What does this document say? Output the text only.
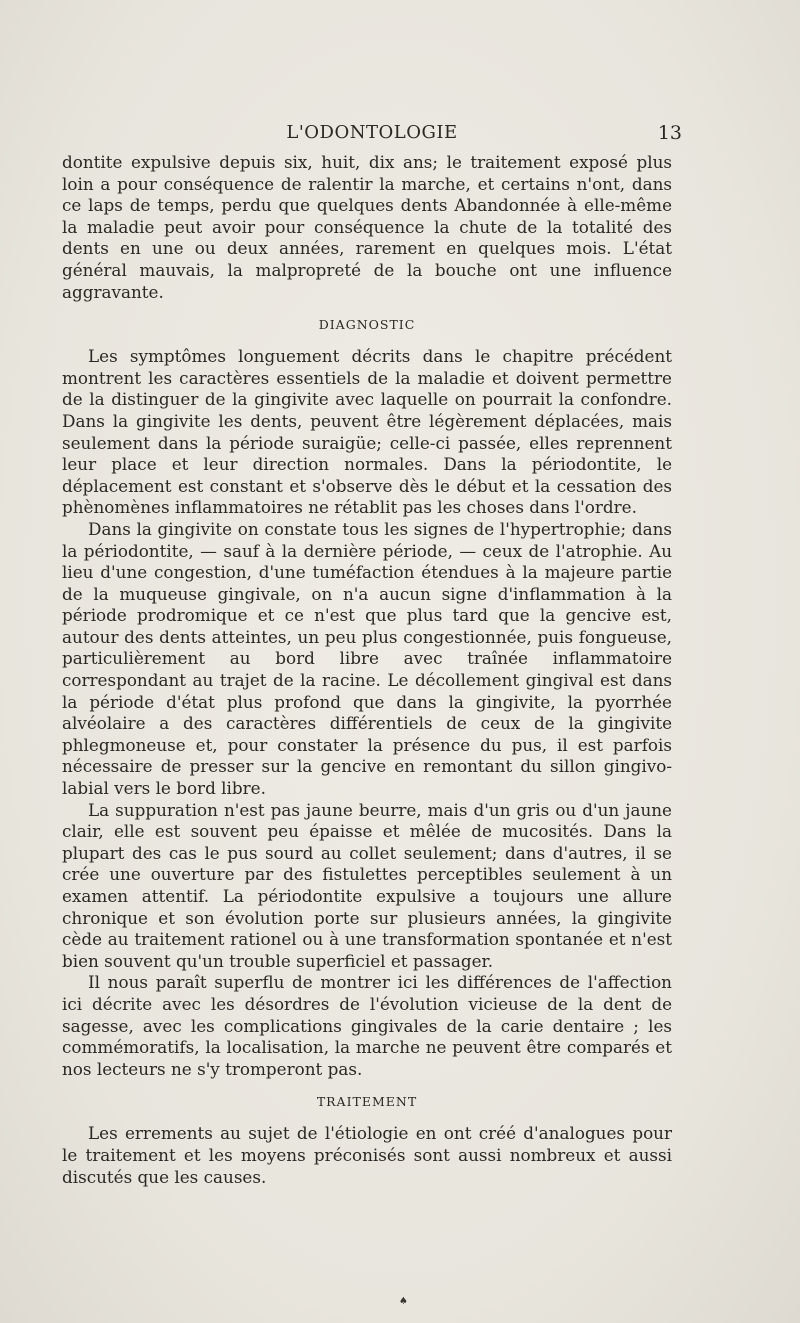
L'ODONTOLOGIE	13

dontite expulsive depuis six, huit, dix ans; le traitement exposé plus loin a pour conséquence de ralentir la marche, et certains n'ont, dans ce laps de temps, perdu que quelques dents Abandonnée à elle-même la maladie peut avoir pour conséquence la chute de la totalité des dents en une ou deux années, rarement en quelques mois. L'état général mauvais, la malpropreté de la bouche ont une influence aggravante.

DIAGNOSTIC

Les symptômes longuement décrits dans le chapitre précédent montrent les caractères essentiels de la maladie et doivent permettre de la distinguer de la gingivite avec laquelle on pourrait la confondre. Dans la gingivite les dents, peuvent être légèrement déplacées, mais seulement dans la période suraigüe; celle-ci passée, elles reprennent leur place et leur direction normales. Dans la périodontite, le déplacement est constant et s'observe dès le début et la cessation des phènomènes inflammatoires ne rétablit pas les choses dans l'ordre.

Dans la gingivite on constate tous les signes de l'hypertrophie; dans la périodontite, — sauf à la dernière période, — ceux de l'atrophie. Au lieu d'une congestion, d'une tuméfaction étendues à la majeure partie de la muqueuse gingivale, on n'a aucun signe d'inflammation à la période prodromique et ce n'est que plus tard que la gencive est, autour des dents atteintes, un peu plus congestionnée, puis fongueuse, particulièrement au bord libre avec traînée inflammatoire correspondant au trajet de la racine. Le décollement gingival est dans la période d'état plus profond que dans la gingivite, la pyorrhée alvéolaire a des caractères différentiels de ceux de la gingivite phlegmoneuse et, pour constater la présence du pus, il est parfois nécessaire de presser sur la gencive en remontant du sillon gingivo-labial vers le bord libre.

La suppuration n'est pas jaune beurre, mais d'un gris ou d'un jaune clair, elle est souvent peu épaisse et mêlée de mucosités. Dans la plupart des cas le pus sourd au collet seulement; dans d'autres, il se crée une ouverture par des fistulettes perceptibles seulement à un examen attentif. La périodontite expulsive a toujours une allure chronique et son évolution porte sur plusieurs années, la gingivite cède au traitement rationel ou à une transformation spontanée et n'est bien souvent qu'un trouble superficiel et passager.

Il nous paraît superflu de montrer ici les différences de l'affection ici décrite avec les désordres de l'évolution vicieuse de la dent de sagesse, avec les complications gingivales de la carie dentaire ; les commémoratifs, la localisation, la marche ne peuvent être comparés et nos lecteurs ne s'y tromperont pas.

TRAITEMENT

Les errements au sujet de l'étiologie en ont créé d'analogues pour le traitement et les moyens préconisés sont aussi nombreux et aussi discutés que les causes.

♠
